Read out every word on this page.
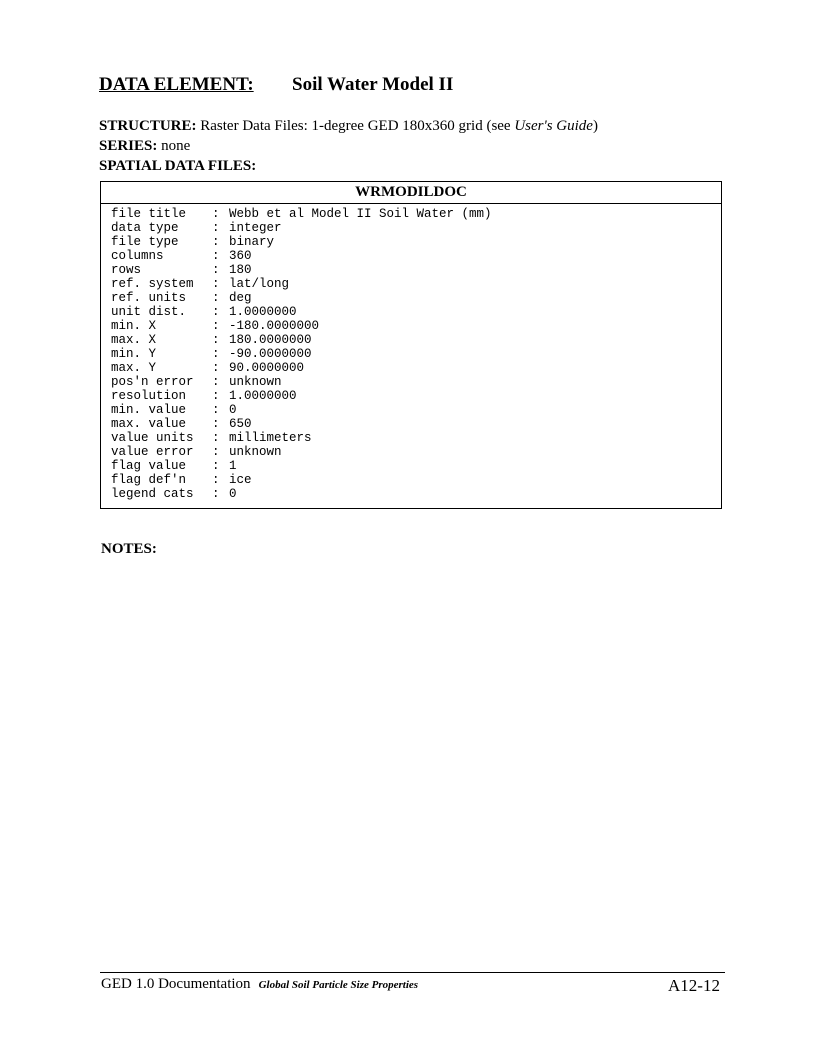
DATA ELEMENT: Soil Water Model II
STRUCTURE: Raster Data Files: 1-degree GED 180x360 grid (see User's Guide)
SERIES: none
SPATIAL DATA FILES:
WRMODILDOC
file title : Webb et al Model II Soil Water (mm)
data type	: integer
file type	: binary
columns	: 360
rows	: 180
ref. system : lat/long
ref. units : deg
unit dist. : 1.0000000
min. X	: -180.0000000
max. X	: 180.0000000
min. Y	: -90.0000000
max. Y	: 90.0000000
pos'n error : unknown
resolution : 1.0000000
min. value : 0
max. value : 650
value units : millimeters
value error : unknown
flag value : 1
flag def'n : ice
legend cats : 0
NOTES:
GED 1.0 Documentation Global Soil Particle Size Properties	A12-12
